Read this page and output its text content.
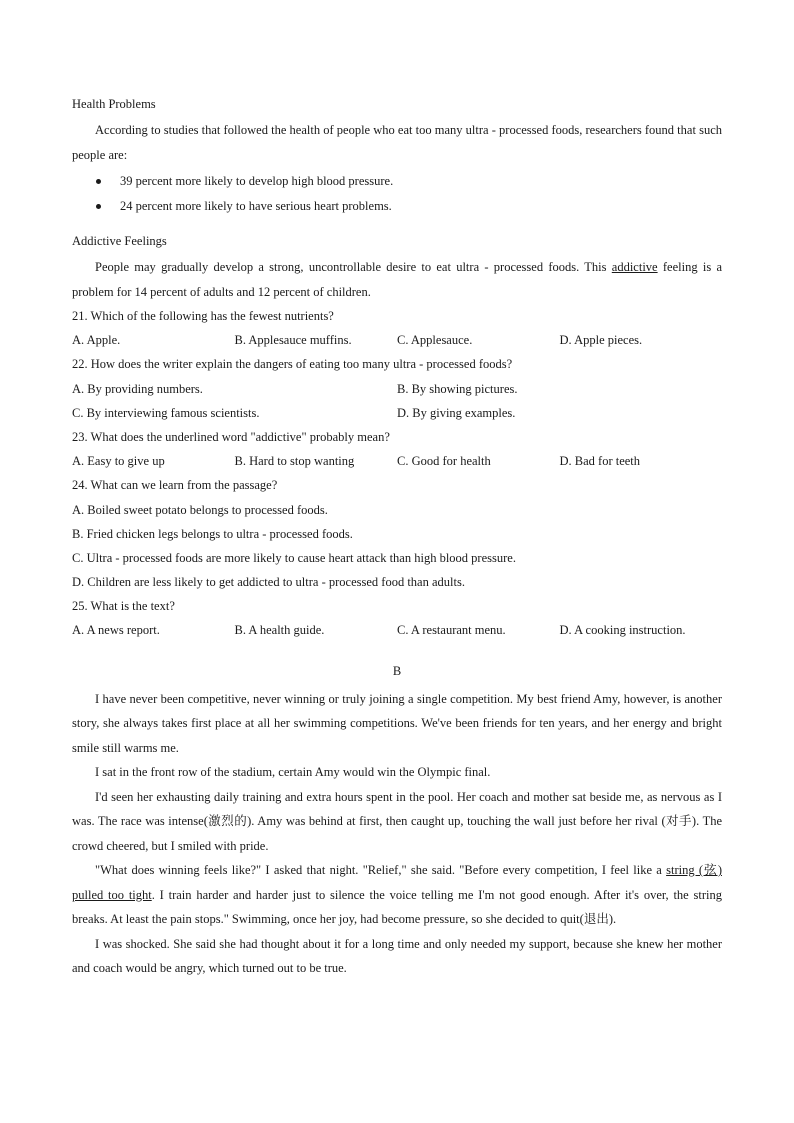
Health Problems

According to studies that followed the health of people who eat too many ultra - processed foods, researchers found that such people are:

39 percent more likely to develop high blood pressure.
24 percent more likely to have serious heart problems.

Addictive Feelings

People may gradually develop a strong, uncontrollable desire to eat ultra - processed foods. This addictive feeling is a problem for 14 percent of adults and 12 percent of children.

21. Which of the following has the fewest nutrients?

A. Apple.	B. Applesauce muffins.	C. Applesauce.	D. Apple pieces.

22. How does the writer explain the dangers of eating too many ultra - processed foods?

A. By providing numbers.	B. By showing pictures.
C. By interviewing famous scientists.	D. By giving examples.

23. What does the underlined word "addictive" probably mean?

A. Easy to give up	B. Hard to stop wanting	C. Good for health	D. Bad for teeth

24. What can we learn from the passage?

A. Boiled sweet potato belongs to processed foods.

B. Fried chicken legs belongs to ultra - processed foods.

C. Ultra - processed foods are more likely to cause heart attack than high blood pressure.

D. Children are less likely to get addicted to ultra - processed food than adults.

25. What is the text?

A. A news report.	B. A health guide.	C. A restaurant menu.	D. A cooking instruction.

B

I have never been competitive, never winning or truly joining a single competition. My best friend Amy, however, is another story, she always takes first place at all her swimming competitions. We've been friends for ten years, and her energy and bright smile still warms me.

I sat in the front row of the stadium, certain Amy would win the Olympic final.

I'd seen her exhausting daily training and extra hours spent in the pool. Her coach and mother sat beside me, as nervous as I was. The race was intense(激烈的). Amy was behind at first, then caught up, touching the wall just before her rival (对手). The crowd cheered, but I smiled with pride.

"What does winning feels like?" I asked that night. "Relief," she said. "Before every competition, I feel like a string (弦) pulled too tight. I train harder and harder just to silence the voice telling me I'm not good enough. After it's over, the string breaks. At least the pain stops." Swimming, once her joy, had become pressure, so she decided to quit(退出).

I was shocked. She said she had thought about it for a long time and only needed my support, because she knew her mother and coach would be angry, which turned out to be true.
